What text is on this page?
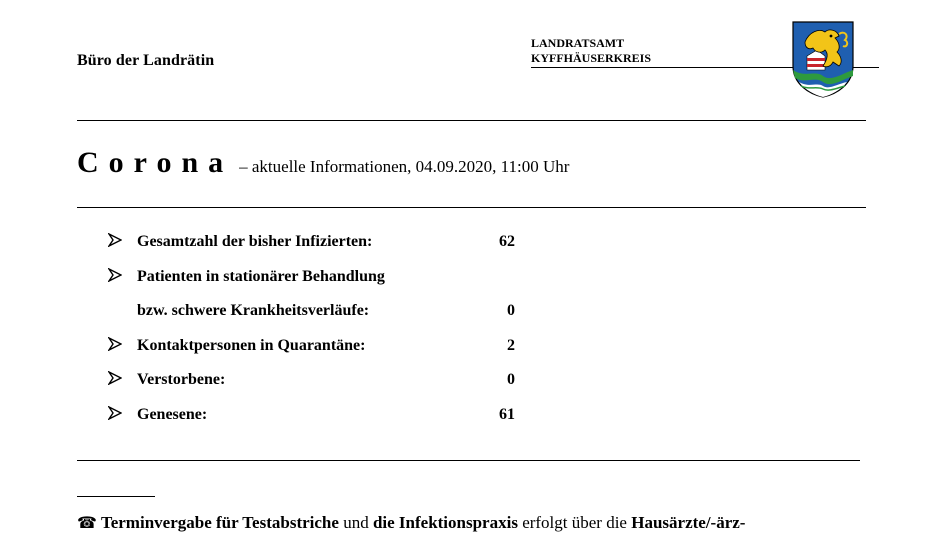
Büro der Landrätin
LANDRATSAMT
KYFFHÄUSERKREIS
Corona – aktuelle Informationen, 04.09.2020, 11:00 Uhr
Gesamtzahl der bisher Infizierten:	62
Patienten in stationärer Behandlung
bzw. schwere Krankheitsverläufe:	0
Kontaktpersonen in Quarantäne:	2
Verstorbene:	0
Genesene:	61
☎ Terminvergabe für Testabstriche und die Infektionspraxis erfolgt über die Hausärzte/-ärz-
